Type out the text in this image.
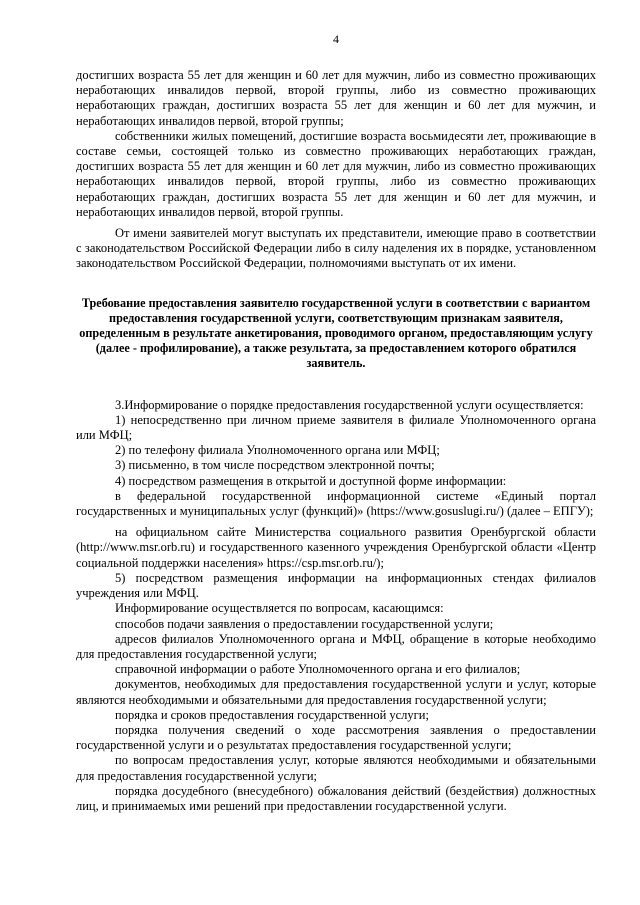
4

достигших возраста 55 лет для женщин и 60 лет для мужчин, либо из совместно проживающих неработающих инвалидов первой, второй группы, либо из совместно проживающих неработающих граждан, достигших возраста 55 лет для женщин и 60 лет для мужчин, и неработающих инвалидов первой, второй группы;

собственники жилых помещений, достигшие возраста восьмидесяти лет, проживающие в составе семьи, состоящей только из совместно проживающих неработающих граждан, достигших возраста 55 лет для женщин и 60 лет для мужчин, либо из совместно проживающих неработающих инвалидов первой, второй группы, либо из совместно проживающих неработающих граждан, достигших возраста 55 лет для женщин и 60 лет для мужчин, и неработающих инвалидов первой, второй группы.

От имени заявителей могут выступать их представители, имеющие право в соответствии с законодательством Российской Федерации либо в силу наделения их в порядке, установленном законодательством Российской Федерации, полномочиями выступать от их имени.

Требование предоставления заявителю государственной услуги в соответствии с вариантом предоставления государственной услуги, соответствующим признакам заявителя, определенным в результате анкетирования, проводимого органом, предоставляющим услугу (далее - профилирование), а также результата, за предоставлением которого обратился заявитель.

3.Информирование о порядке предоставления государственной услуги осуществляется:

1) непосредственно при личном приеме заявителя в филиале Уполномоченного органа или МФЦ;

2) по телефону филиала Уполномоченного органа или МФЦ;

3) письменно, в том числе посредством электронной почты;

4) посредством размещения в открытой и доступной форме информации:

в федеральной государственной информационной системе «Единый портал государственных и муниципальных услуг (функций)» (https://www.gosuslugi.ru/) (далее – ЕПГУ);

на официальном сайте Министерства социального развития Оренбургской области (http://www.msr.orb.ru) и государственного казенного учреждения Оренбургской области «Центр социальной поддержки населения» https://csp.msr.orb.ru/);

5) посредством размещения информации на информационных стендах филиалов учреждения или МФЦ.

Информирование осуществляется по вопросам, касающимся:

способов подачи заявления о предоставлении государственной услуги;

адресов филиалов Уполномоченного органа и МФЦ, обращение в которые необходимо для предоставления государственной услуги;

справочной информации о работе Уполномоченного органа и его филиалов;

документов, необходимых для предоставления государственной услуги и услуг, которые являются необходимыми и обязательными для предоставления государственной услуги;

порядка и сроков предоставления государственной услуги;

порядка получения сведений о ходе рассмотрения заявления о предоставлении государственной услуги и о результатах предоставления государственной услуги;

по вопросам предоставления услуг, которые являются необходимыми и обязательными для предоставления государственной услуги;

порядка досудебного (внесудебного) обжалования действий (бездействия) должностных лиц, и принимаемых ими решений при предоставлении государственной услуги.
